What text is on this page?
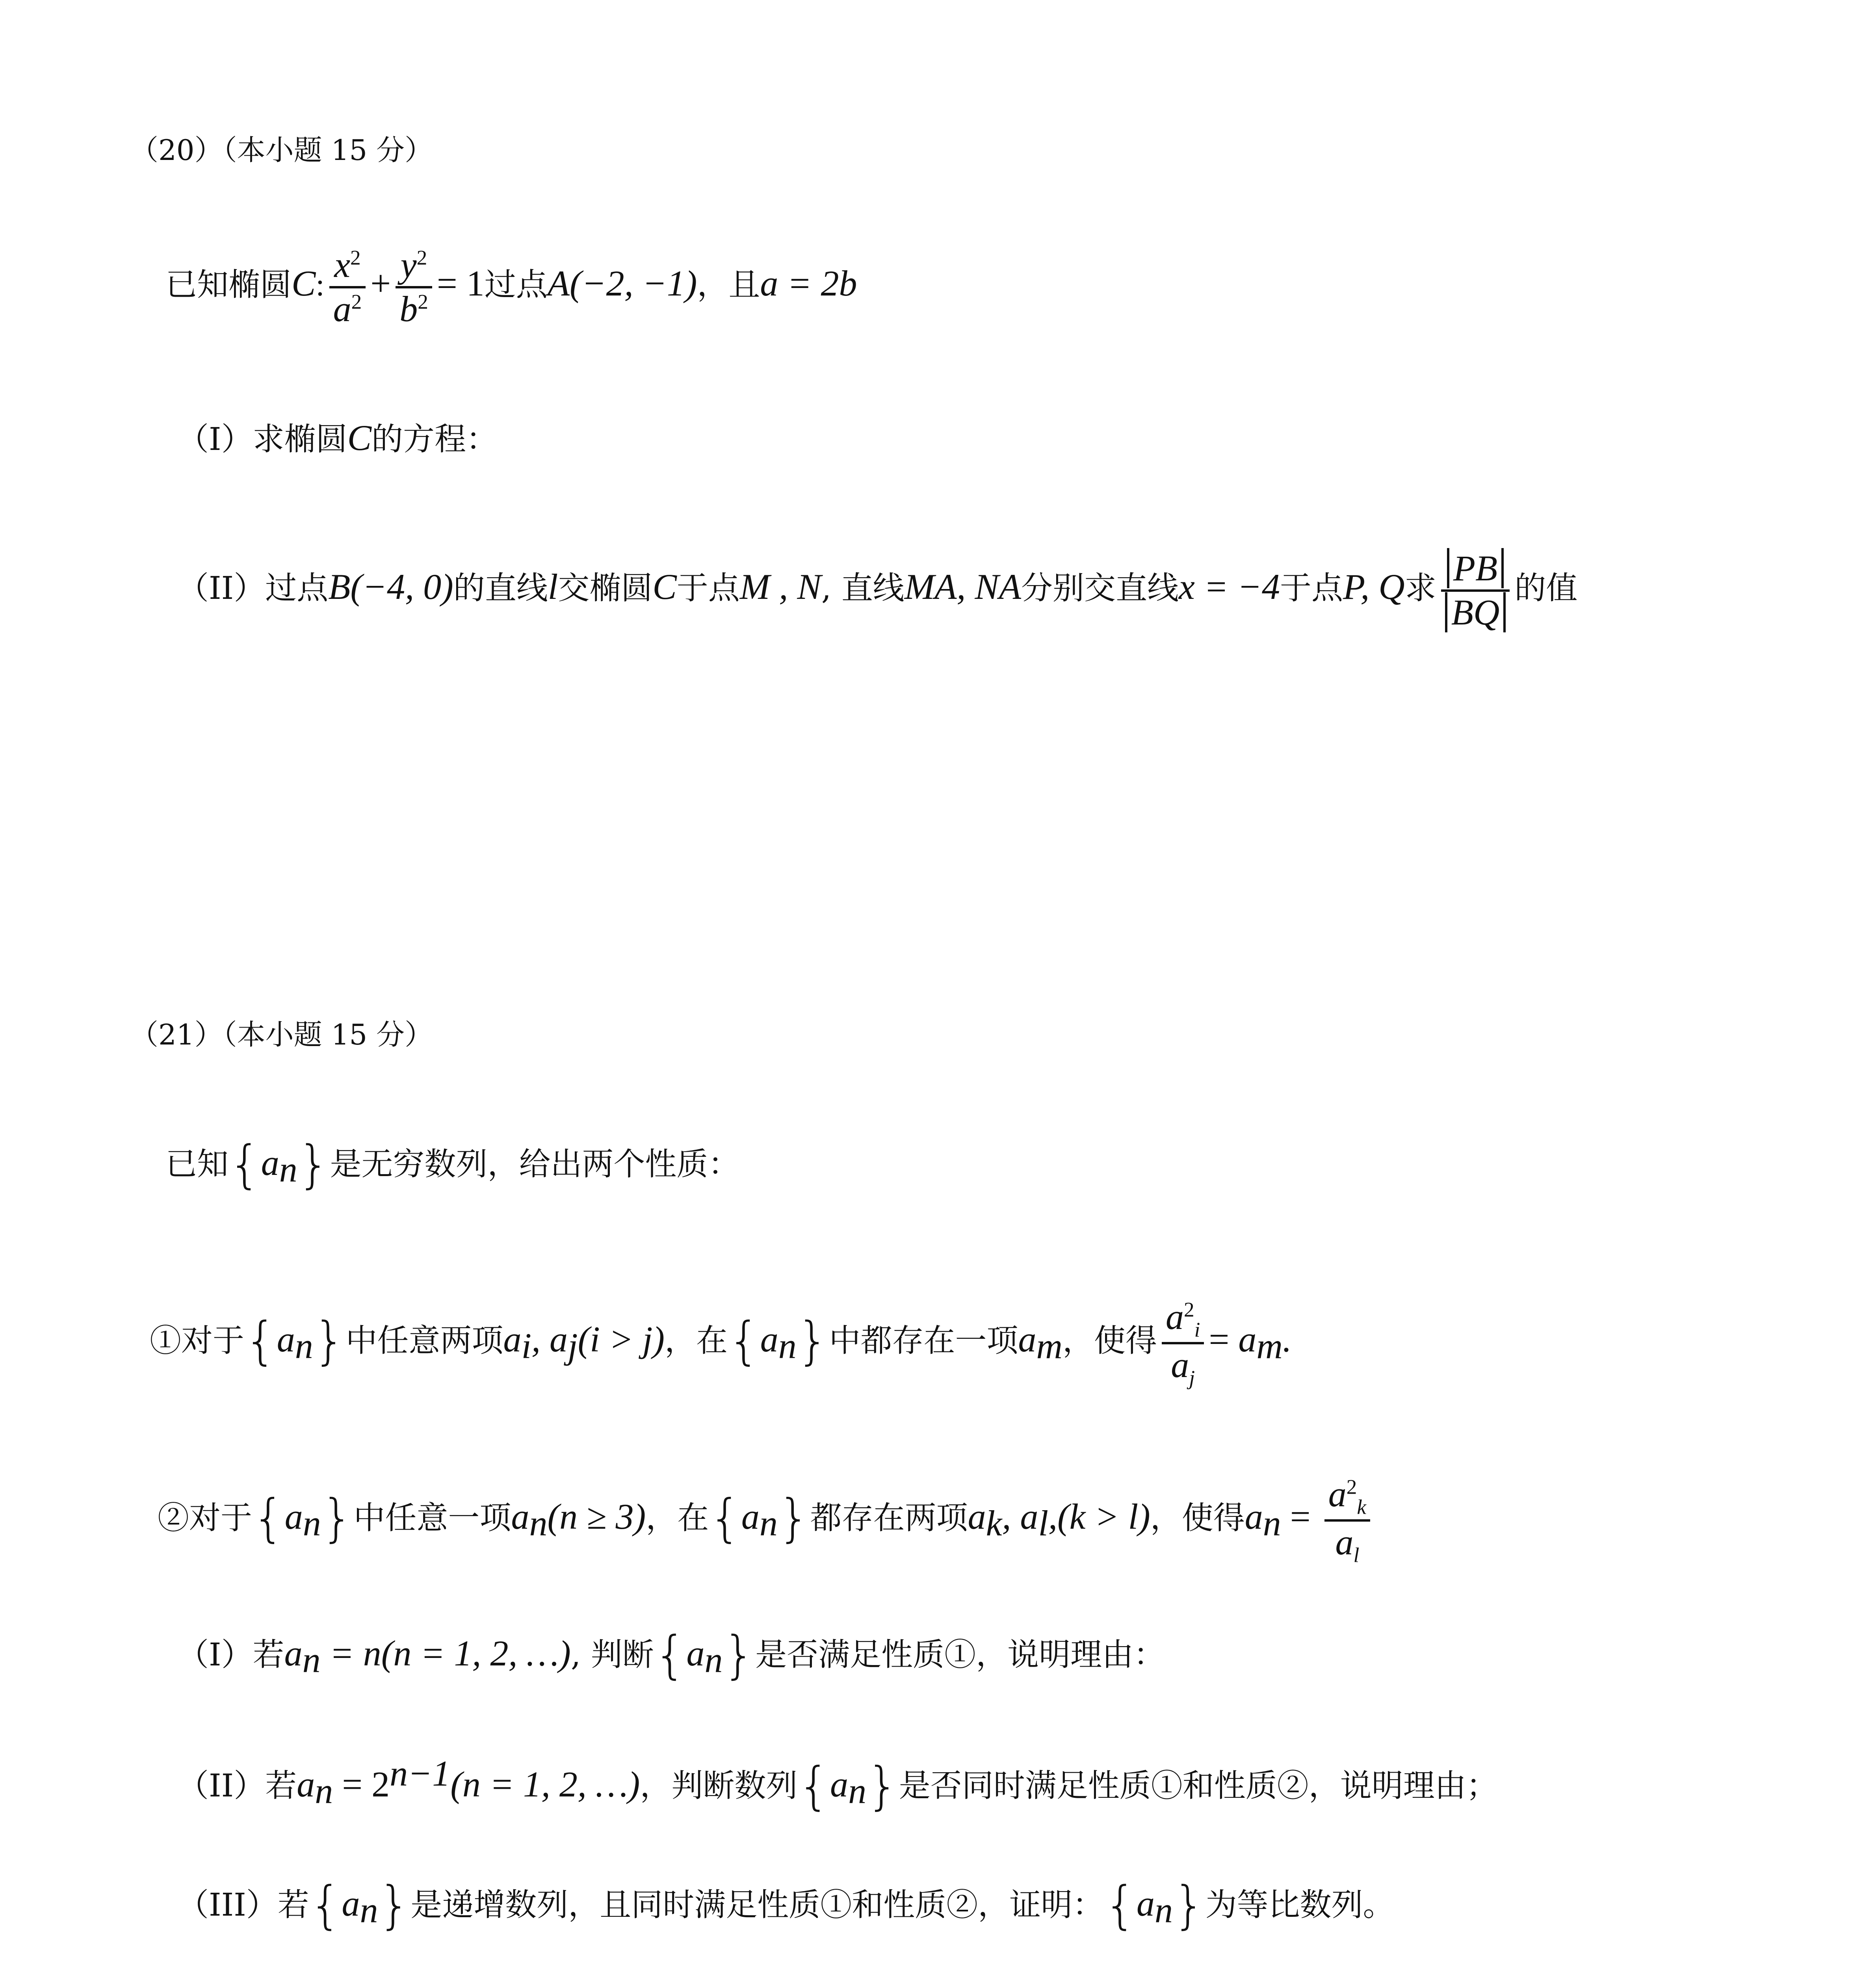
（20）（本小题 15 分）
已知椭圆C: $\frac{x^2}{a^2} + \frac{y^2}{b^2} = 1$过点A(−2, −1)，且a = 2b
（I）求椭圆C的方程：
（II）过点B(−4, 0)的直线l交椭圆C于点M , N, 直线MA, NA分别交直线x = −4于点P, Q求 $\frac{PB}{BQ}$ 的值
（21）（本小题 15 分）
已知$\{a_n\}$是无穷数列，给出两个性质：
①对于$\{a_n\}$中任意两项$a_i$, $a_j(i > j)$，在$\{a_n\}$中都存在一项$a_m$，使得 $\frac{a^2_i}{a_j} = a_m$.
②对于$\{a_n\}$中任意一项$a_n(n \ge 3)$，在$\{a_n\}$都存在两项$a_k$, $a_l,(k > l)$，使得$a_n = \frac{a^2_k}{a_l}$
（I）若$a_n = n(n = 1$, 2, …), 判断$\{a_n\}$是否满足性质①，说明理由：
（II）若$a_n = 2^{n-1}(n = 1$, 2, …)，判断数列$\{a_n\}$是否同时满足性质①和性质②，说明理由；
（III）若$\{a_n\}$是递增数列，且同时满足性质①和性质②，证明：$\{a_n\}$为等比数列。
